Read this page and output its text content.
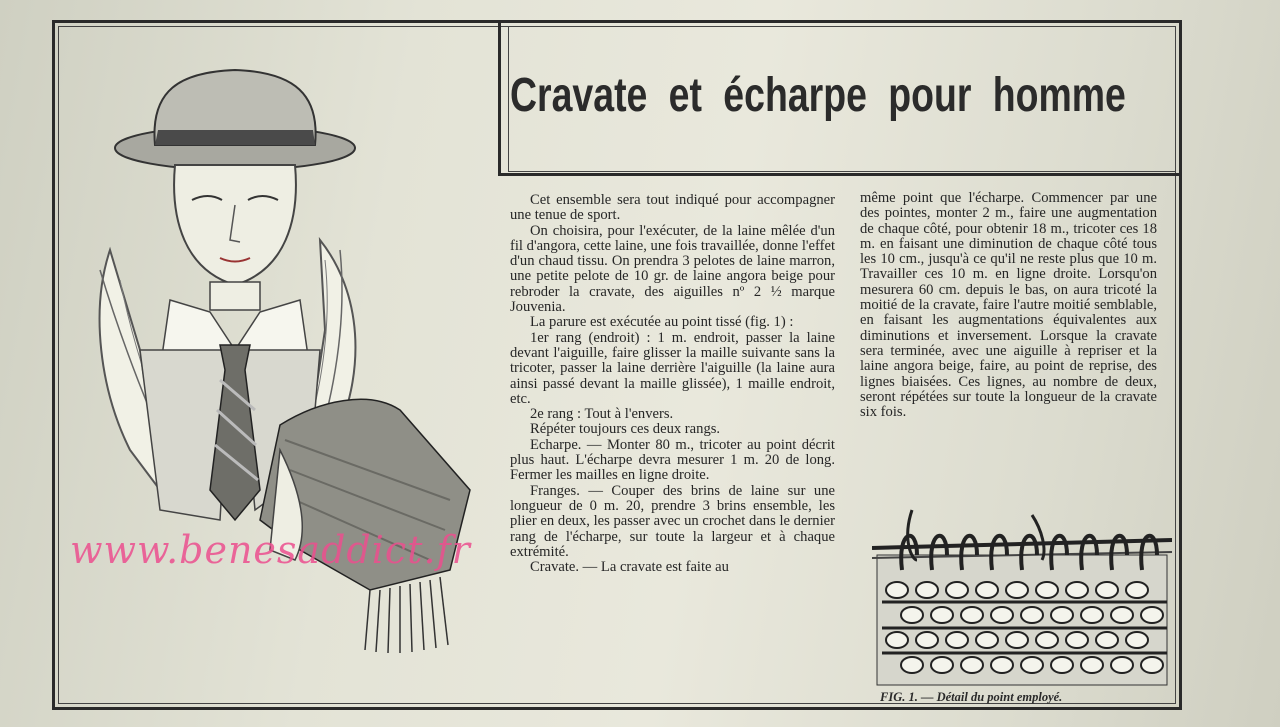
Cravate et écharpe pour homme
www.benesaddict.fr

Cet ensemble sera tout indiqué pour accompagner une tenue de sport.

On choisira, pour l'exécuter, de la laine mêlée d'un fil d'angora, cette laine, une fois travaillée, donne l'effet d'un chaud tissu. On prendra 3 pelotes de laine marron, une petite pelote de 10 gr. de laine angora beige pour rebroder la cravate, des aiguilles nº 2 ½ marque Jouvenia.

La parure est exécutée au point tissé (fig. 1) :

1er rang (endroit) : 1 m. endroit, passer la laine devant l'aiguille, faire glisser la maille suivante sans la tricoter, passer la laine derrière l'aiguille (la laine aura ainsi passé devant la maille glissée), 1 maille endroit, etc.

2e rang : Tout à l'envers.

Répéter toujours ces deux rangs.

Echarpe. — Monter 80 m., tricoter au point décrit plus haut. L'écharpe devra mesurer 1 m. 20 de long. Fermer les mailles en ligne droite.

Franges. — Couper des brins de laine sur une longueur de 0 m. 20, prendre 3 brins ensemble, les plier en deux, les passer avec un crochet dans le dernier rang de l'écharpe, sur toute la largeur et à chaque extrémité.

Cravate. — La cravate est faite au

même point que l'écharpe. Commencer par une des pointes, monter 2 m., faire une augmentation de chaque côté, pour obtenir 18 m., tricoter ces 18 m. en faisant une diminution de chaque côté tous les 10 cm., jusqu'à ce qu'il ne reste plus que 10 m. Travailler ces 10 m. en ligne droite. Lorsqu'on mesurera 60 cm. depuis le bas, on aura tricoté la moitié de la cravate, faire l'autre moitié semblable, en faisant les augmentations équivalentes aux diminutions et inversement. Lorsque la cravate sera terminée, avec une aiguille à repriser et la laine angora beige, faire, au point de reprise, des lignes biaisées. Ces lignes, au nombre de deux, seront répétées sur toute la longueur de la cravate six fois.

FIG. 1. — Détail du point employé.
